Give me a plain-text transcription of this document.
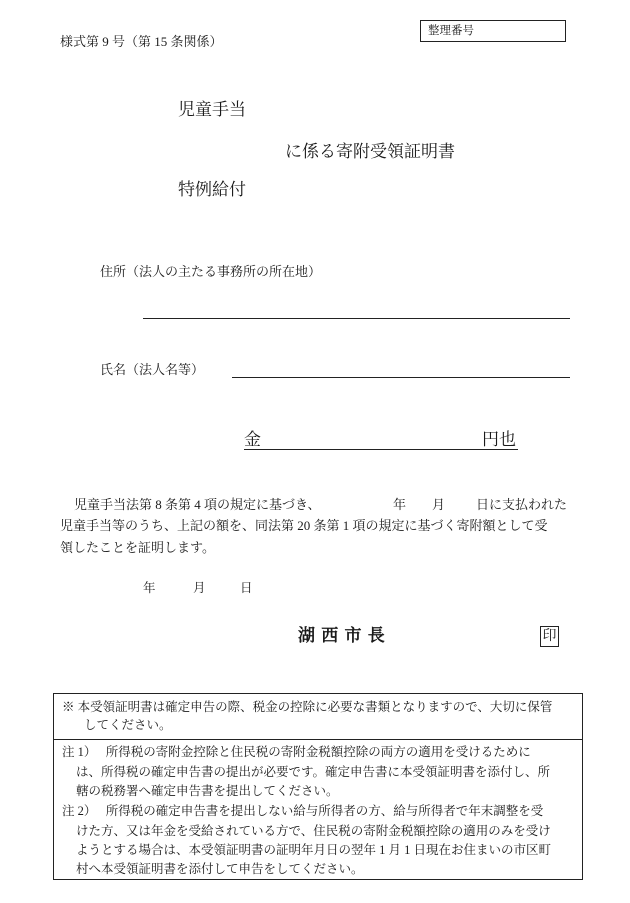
様式第 9 号（第 15 条関係）
整理番号
児童手当
に係る寄附受領証明書
特例給付
住所（法人の主たる事務所の所在地）
氏名（法人名等）
金	円也
児童手当法第 8 条第 4 項の規定に基づき、	年 月 日に支払われた
児童手当等のうち、上記の額を、同法第 20 条第 1 項の規定に基づく寄附額として受
領したことを証明します。
年	月	日
湖 西 市 長	印
※ 本受領証明書は確定申告の際、税金の控除に必要な書類となりますので、大切に保管
してください。
注 1）　 所得税の寄附金控除と住民税の寄附金税額控除の両方の適用を受けるために
は、所得税の確定申告書の提出が必要です。確定申告書に本受領証明書を添付し、所
轄の税務署へ確定申告書を提出してください。
注 2）　 所得税の確定申告書を提出しない給与所得者の方、給与所得者で年末調整を受
けた方、又は年金を受給されている方で、住民税の寄附金税額控除の適用のみを受け
ようとする場合は、本受領証明書の証明年月日の翌年 1 月 1 日現在お住まいの市区町
村へ本受領証明書を添付して申告をしてください。
